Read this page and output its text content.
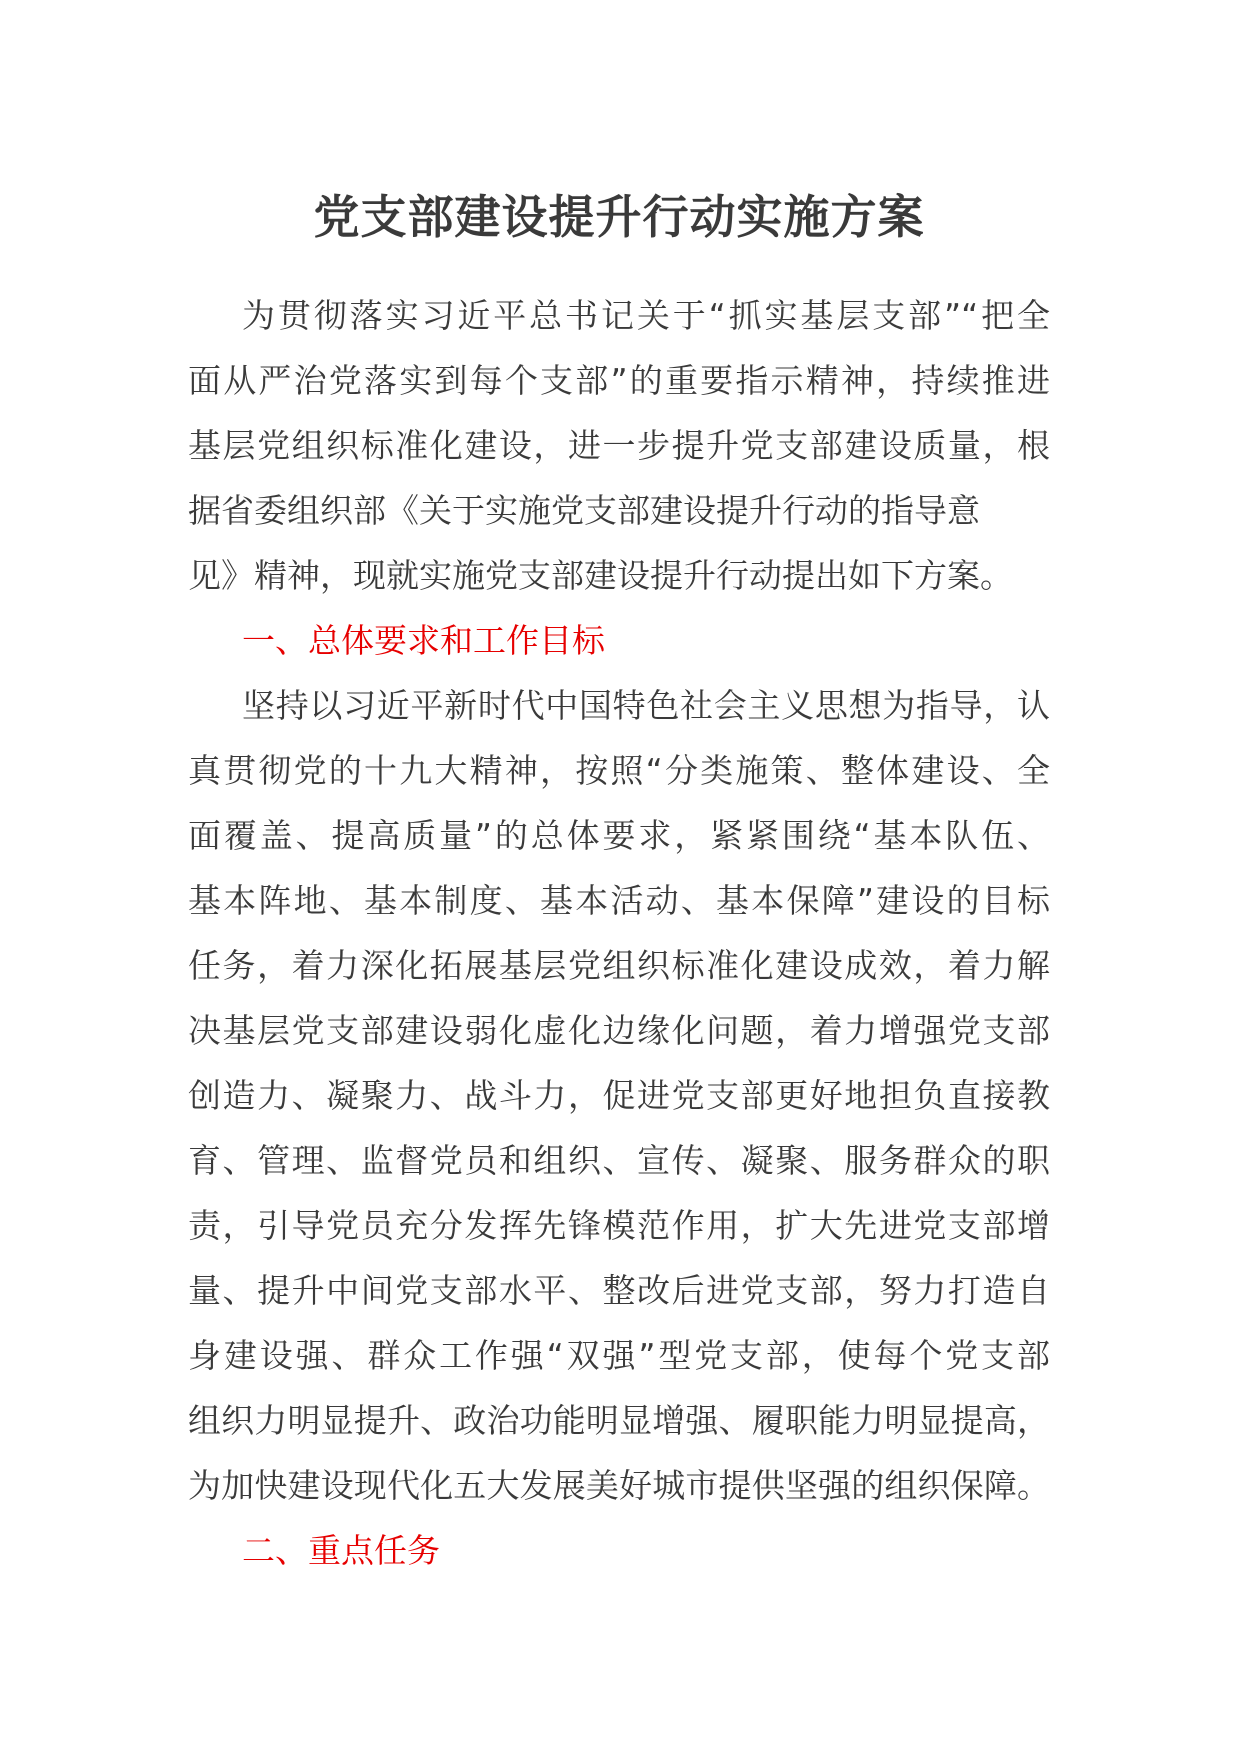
党支部建设提升行动实施方案
为贯彻落实习近平总书记关于“抓实基层支部”“把全
面从严治党落实到每个支部”的重要指示精神，持续推进
基层党组织标准化建设，进一步提升党支部建设质量，根
据省委组织部《关于实施党支部建设提升行动的指导意
见》精神，现就实施党支部建设提升行动提出如下方案。
一、总体要求和工作目标
坚持以习近平新时代中国特色社会主义思想为指导，认
真贯彻党的十九大精神，按照“分类施策、整体建设、全
面覆盖、提高质量”的总体要求，紧紧围绕“基本队伍、
基本阵地、基本制度、基本活动、基本保障”建设的目标
任务，着力深化拓展基层党组织标准化建设成效，着力解
决基层党支部建设弱化虚化边缘化问题，着力增强党支部
创造力、凝聚力、战斗力，促进党支部更好地担负直接教
育、管理、监督党员和组织、宣传、凝聚、服务群众的职
责，引导党员充分发挥先锋模范作用，扩大先进党支部增
量、提升中间党支部水平、整改后进党支部，努力打造自
身建设强、群众工作强“双强”型党支部，使每个党支部
组织力明显提升、政治功能明显增强、履职能力明显提高，
为加快建设现代化五大发展美好城市提供坚强的组织保障。
二、重点任务
